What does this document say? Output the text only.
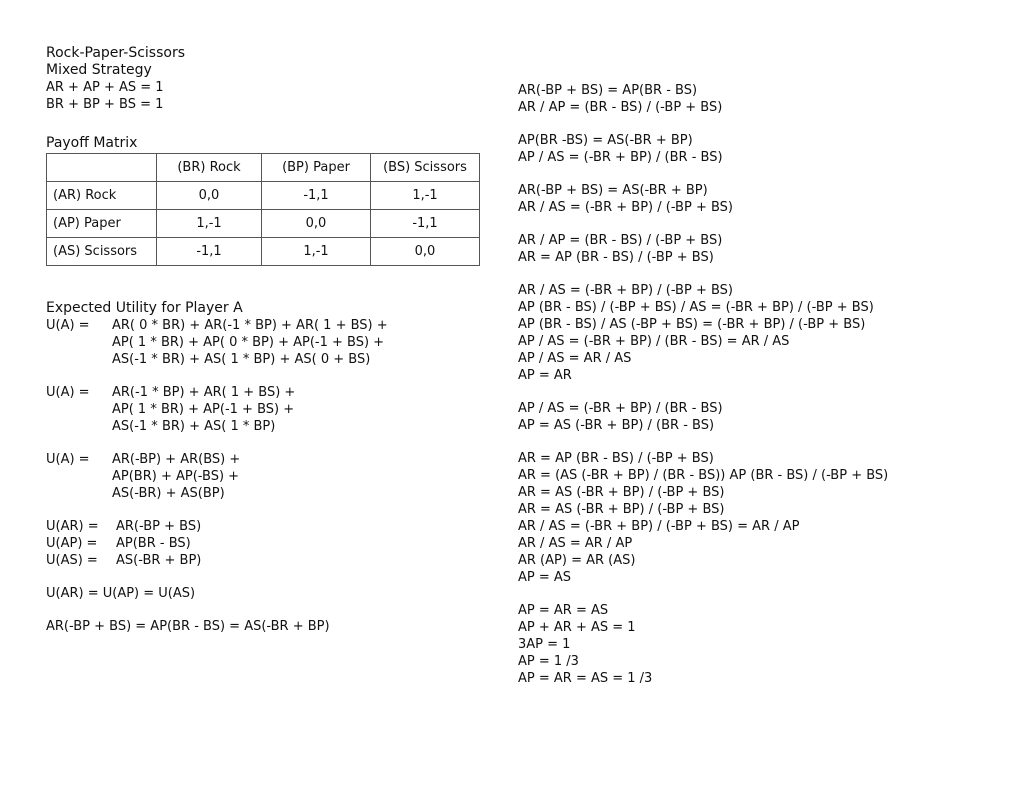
Rock-Paper-Scissors
Mixed Strategy
AR + AP + AS = 1
BR + BP + BS = 1
Payoff Matrix
	(BR) Rock	(BP) Paper	(BS) Scissors
(AR) Rock	0,0	-1,1	1,-1
(AP) Paper	1,-1	0,0	-1,1
(AS) Scissors	-1,1	1,-1	0,0
Expected Utility for Player A
U(A) =	AR( 0 * BR) + AR(-1 * BP) + AR( 1 + BS) +
AP( 1 * BR) + AP( 0 * BP) + AP(-1 + BS) +
AS(-1 * BR) + AS( 1 * BP) + AS( 0 + BS)
U(A) =	AR(-1 * BP) + AR( 1 + BS) +
AP( 1 * BR) + AP(-1 + BS) +
AS(-1 * BR) + AS( 1 * BP)
U(A) =	AR(-BP) + AR(BS) +
AP(BR) + AP(-BS) +
AS(-BR) + AS(BP)
U(AR) =	AR(-BP + BS)
U(AP) =	AP(BR - BS)
U(AS) =	AS(-BR + BP)
U(AR) = U(AP) = U(AS)
AR(-BP + BS) = AP(BR - BS) = AS(-BR + BP)
AR(-BP + BS) = AP(BR - BS)
AR / AP = (BR - BS) / (-BP + BS)
AP(BR -BS) = AS(-BR + BP)
AP / AS = (-BR + BP) / (BR - BS)
AR(-BP + BS) = AS(-BR + BP)
AR / AS = (-BR + BP) / (-BP + BS)
AR / AP = (BR - BS) / (-BP + BS)
AR = AP (BR - BS) / (-BP + BS)
AR / AS = (-BR + BP) / (-BP + BS)
AP (BR - BS) / (-BP + BS) / AS = (-BR + BP) / (-BP + BS)
AP (BR - BS) / AS (-BP + BS) = (-BR + BP) / (-BP + BS)
AP / AS = (-BR + BP) / (BR - BS) = AR / AS
AP / AS = AR / AS
AP = AR
AP / AS = (-BR + BP) / (BR - BS)
AP = AS (-BR + BP) / (BR - BS)
AR = AP (BR - BS) / (-BP + BS)
AR = (AS (-BR + BP) / (BR - BS)) AP (BR - BS) / (-BP + BS)
AR = AS (-BR + BP) / (-BP + BS)
AR = AS (-BR + BP) / (-BP + BS)
AR / AS = (-BR + BP) / (-BP + BS) = AR / AP
AR / AS = AR / AP
AR (AP) = AR (AS)
AP = AS
AP = AR = AS
AP + AR + AS = 1
3AP = 1
AP = 1 /3
AP = AR = AS = 1 /3
